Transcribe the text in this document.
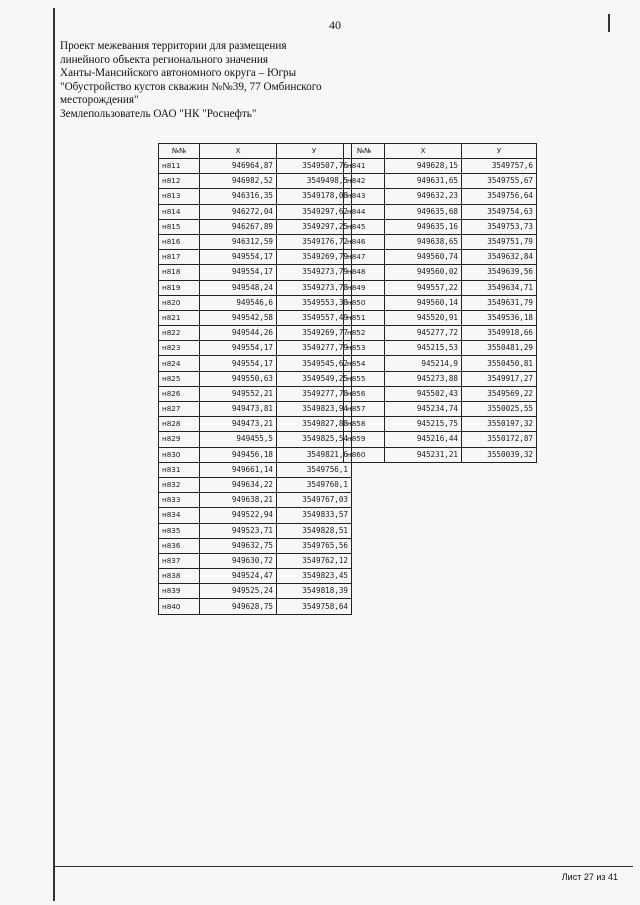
40
Проект межевания территории для размещения
линейного объекта регионального значения
Ханты-Мансийского автономного округа – Югры
"Обустройство кустов скважин №№39, 77 Омбинского
месторождения"
Землепользователь ОАО "НК "Роснефть"
№№	X	У
н811	946964,87	3549507,76
н812	946982,52	3549498,5
н813	946316,35	3549178,08
н814	946272,04	3549297,62
н815	946267,89	3549297,25
н816	946312,59	3549176,72
н817	949554,17	3549269,79
н818	949554,17	3549273,79
н819	949548,24	3549273,78
н820	949546,6	3549553,38
н821	949542,58	3549557,49
н822	949544,26	3549269,77
н823	949554,17	3549277,79
н824	949554,17	3549545,62
н825	949550,63	3549549,25
н826	949552,21	3549277,78
н827	949473,81	3549823,94
н828	949473,21	3549827,88
н829	949455,5	3549825,54
н830	949456,18	3549821,6
н831	949661,14	3549756,1
н832	949634,22	3549760,1
н833	949638,21	3549767,03
н834	949522,94	3549833,57
н835	949523,71	3549828,51
н836	949632,75	3549765,56
н837	949630,72	3549762,12
н838	949524,47	3549823,45
н839	949525,24	3549818,39
н840	949628,75	3549758,64
№№	X	У
н841	949628,15	3549757,6
н842	949631,65	3549755,67
н843	949632,23	3549756,64
н844	949635,68	3549754,63
н845	949635,16	3549753,73
н846	949638,65	3549751,79
н847	949560,74	3549632,84
н848	949560,02	3549639,56
н849	949557,22	3549634,71
н850	949560,14	3549631,79
н851	945520,91	3549536,18
н852	945277,72	3549918,66
н853	945215,53	3550481,29
н854	945214,9	3550450,81
н855	945273,88	3549917,27
н856	945502,43	3549569,22
н857	945234,74	3550025,55
н858	945215,75	3550197,32
н859	945216,44	3550172,87
н860	945231,21	3550039,32
Лист 27 из 41
